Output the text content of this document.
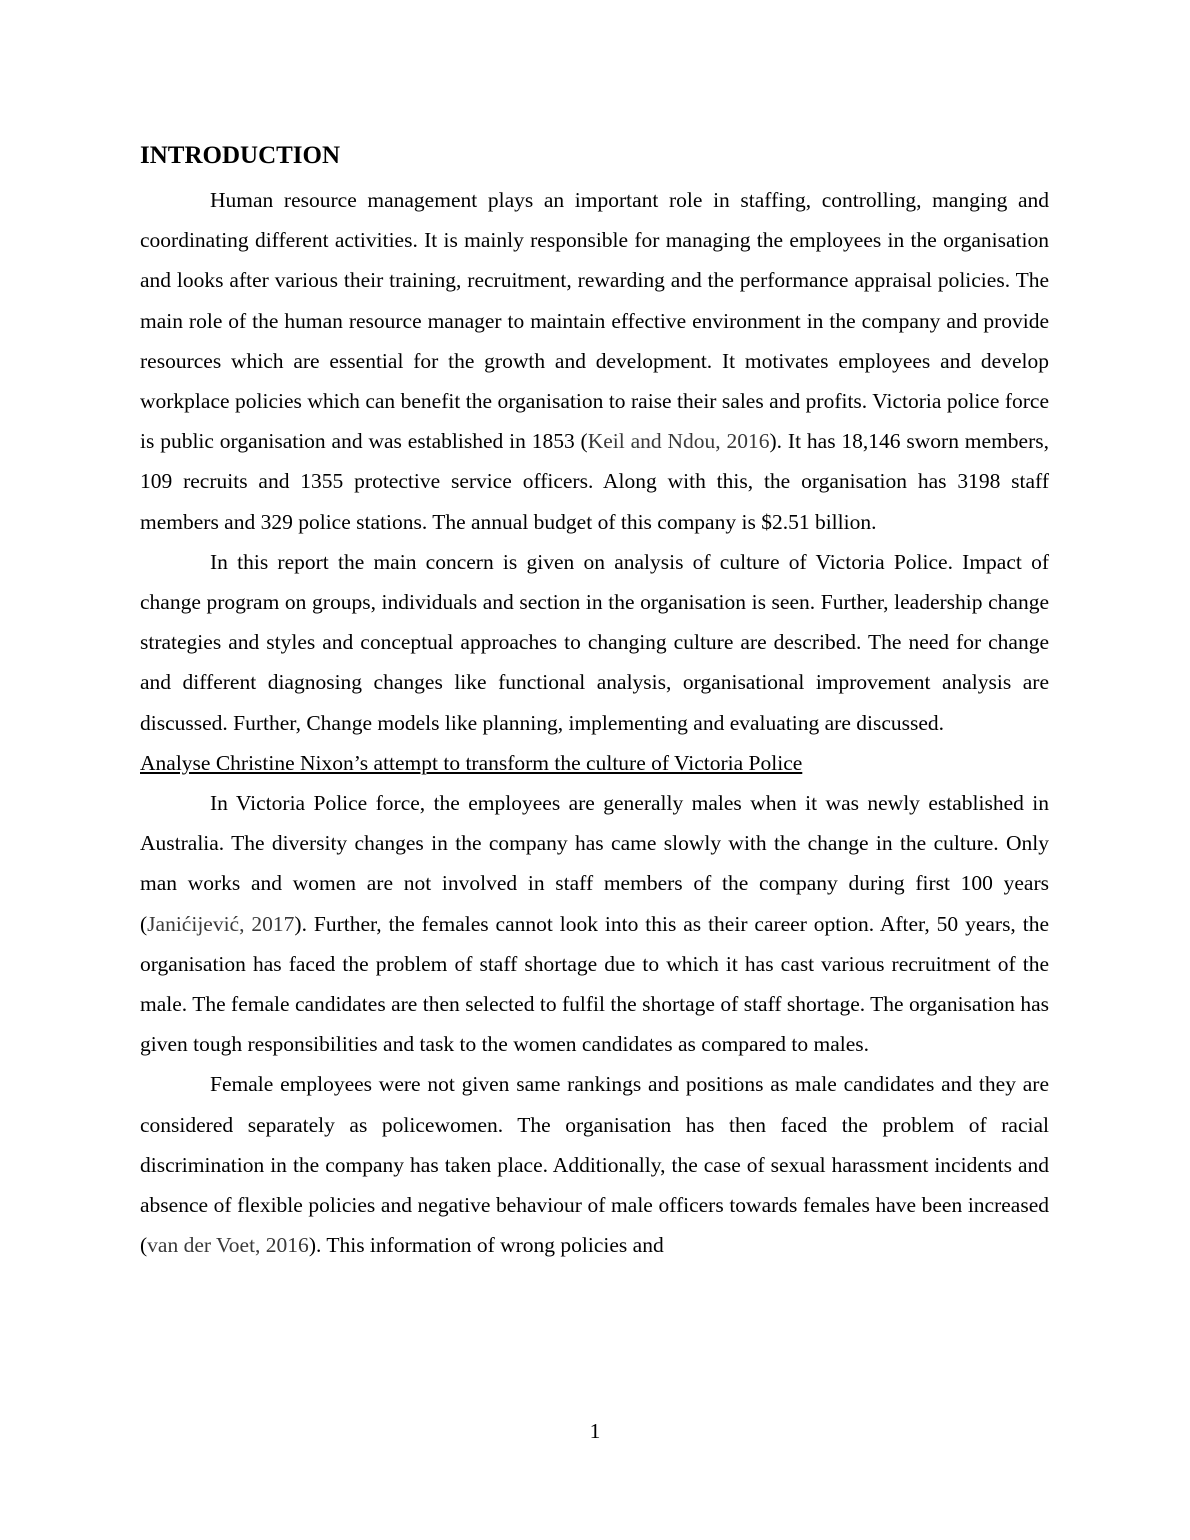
INTRODUCTION

Human resource management plays an important role in staffing, controlling, manging and coordinating different activities. It is mainly responsible for managing the employees in the organisation and looks after various their training, recruitment, rewarding and the performance appraisal policies. The main role of the human resource manager to maintain effective environment in the company and provide resources which are essential for the growth and development. It motivates employees and develop workplace policies which can benefit the organisation to raise their sales and profits. Victoria police force is public organisation and was established in 1853 (Keil and Ndou, 2016). It has 18,146 sworn members, 109 recruits and 1355 protective service officers. Along with this, the organisation has 3198 staff members and 329 police stations. The annual budget of this company is $2.51 billion.

In this report the main concern is given on analysis of culture of Victoria Police. Impact of change program on groups, individuals and section in the organisation is seen. Further, leadership change strategies and styles and conceptual approaches to changing culture are described. The need for change and different diagnosing changes like functional analysis, organisational improvement analysis are discussed. Further, Change models like planning, implementing and evaluating are discussed.

Analyse Christine Nixon’s attempt to transform the culture of Victoria Police

In Victoria Police force, the employees are generally males when it was newly established in Australia. The diversity changes in the company has came slowly with the change in the culture. Only man works and women are not involved in staff members of the company during first 100 years (Janićijević, 2017). Further, the females cannot look into this as their career option. After, 50 years, the organisation has faced the problem of staff shortage due to which it has cast various recruitment of the male. The female candidates are then selected to fulfil the shortage of staff shortage. The organisation has given tough responsibilities and task to the women candidates as compared to males.

Female employees were not given same rankings and positions as male candidates and they are considered separately as policewomen. The organisation has then faced the problem of racial discrimination in the company has taken place. Additionally, the case of sexual harassment incidents and absence of flexible policies and negative behaviour of male officers towards females have been increased (van der Voet, 2016). This information of wrong policies and

1
